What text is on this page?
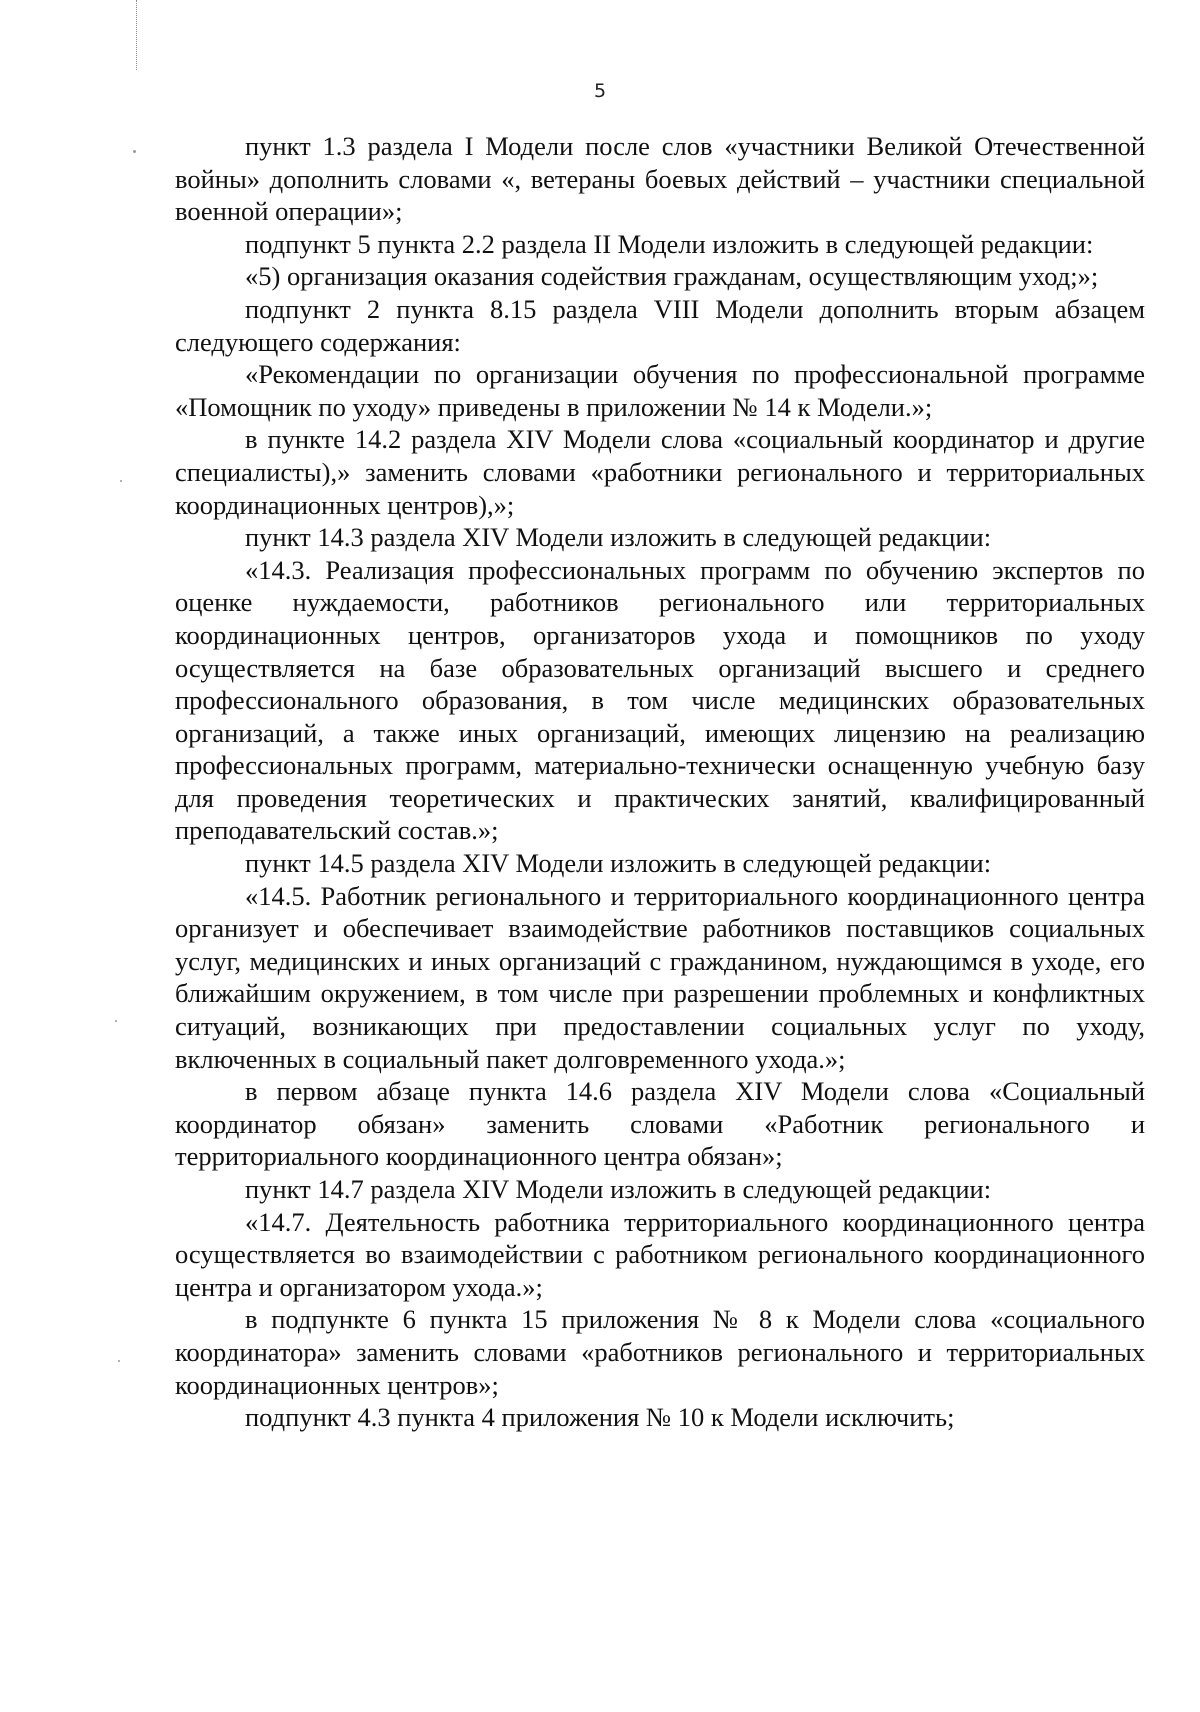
5

пункт 1.3 раздела I Модели после слов «участники Великой Отечественной войны» дополнить словами «, ветераны боевых действий – участники специальной военной операции»;

подпункт 5 пункта 2.2 раздела II Модели изложить в следующей редакции:

«5) организация оказания содействия гражданам, осуществляющим уход;»;

подпункт 2 пункта 8.15 раздела VIII Модели дополнить вторым абзацем следующего содержания:

«Рекомендации по организации обучения по профессиональной программе «Помощник по уходу» приведены в приложении № 14 к Модели.»;

в пункте 14.2 раздела XIV Модели слова «социальный координатор и другие специалисты),» заменить словами «работники регионального и территориальных координационных центров),»;

пункт 14.3 раздела XIV Модели изложить в следующей редакции:

«14.3. Реализация профессиональных программ по обучению экспертов по оценке нуждаемости, работников регионального или территориальных координационных центров, организаторов ухода и помощников по уходу осуществляется на базе образовательных организаций высшего и среднего профессионального образования, в том числе медицинских образовательных организаций, а также иных организаций, имеющих лицензию на реализацию профессиональных программ, материально-технически оснащенную учебную базу для проведения теоретических и практических занятий, квалифицированный преподавательский состав.»;

пункт 14.5 раздела XIV Модели изложить в следующей редакции:

«14.5. Работник регионального и территориального координационного центра организует и обеспечивает взаимодействие работников поставщиков социальных услуг, медицинских и иных организаций с гражданином, нуждающимся в уходе, его ближайшим окружением, в том числе при разрешении проблемных и конфликтных ситуаций, возникающих при предоставлении социальных услуг по уходу, включенных в социальный пакет долговременного ухода.»;

в первом абзаце пункта 14.6 раздела XIV Модели слова «Социальный координатор обязан» заменить словами «Работник регионального и территориального координационного центра обязан»;

пункт 14.7 раздела XIV Модели изложить в следующей редакции:

«14.7. Деятельность работника территориального координационного центра осуществляется во взаимодействии с работником регионального координационного центра и организатором ухода.»;

в подпункте 6 пункта 15 приложения № 8 к Модели слова «социального координатора» заменить словами «работников регионального и территориальных координационных центров»;

подпункт 4.3 пункта 4 приложения № 10 к Модели исключить;
